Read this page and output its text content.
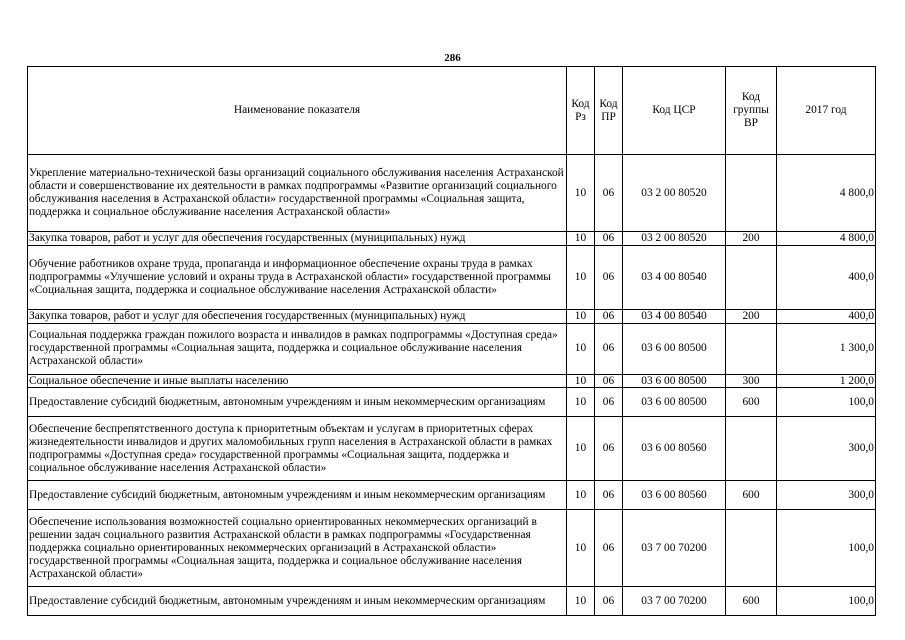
286
Наименование показателя	Код Рз	Код ПР	Код ЦСР	Код группы ВР	2017 год
Укрепление материально-технической базы организаций социального обслуживания населения Астраханской области и совершенствование их деятельности в рамках подпрограммы «Развитие организаций социального обслуживания населения в Астраханской области» государственной программы «Социальная защита, поддержка и социальное обслуживание населения Астраханской области»	10	06	03 2 00 80520		4 800,0
Закупка товаров, работ и услуг для обеспечения государственных (муниципальных) нужд	10	06	03 2 00 80520	200	4 800,0
Обучение работников охране труда, пропаганда и информационное обеспечение охраны труда в рамках подпрограммы «Улучшение условий и охраны труда в Астраханской области» государственной программы «Социальная защита, поддержка и социальное обслуживание населения Астраханской области»	10	06	03 4 00 80540		400,0
Закупка товаров, работ и услуг для обеспечения государственных (муниципальных) нужд	10	06	03 4 00 80540	200	400,0
Социальная поддержка граждан пожилого возраста и инвалидов в рамках подпрограммы «Доступная среда» государственной программы «Социальная защита, поддержка и социальное обслуживание населения Астраханской области»	10	06	03 6 00 80500		1 300,0
Социальное обеспечение и иные выплаты населению	10	06	03 6 00 80500	300	1 200,0
Предоставление субсидий бюджетным, автономным учреждениям и иным некоммерческим организациям	10	06	03 6 00 80500	600	100,0
Обеспечение беспрепятственного доступа к приоритетным объектам и услугам в приоритетных сферах жизнедеятельности инвалидов и других маломобильных групп населения в Астраханской области в рамках подпрограммы «Доступная среда» государственной программы «Социальная защита, поддержка и социальное обслуживание населения Астраханской области»	10	06	03 6 00 80560		300,0
Предоставление субсидий бюджетным, автономным учреждениям и иным некоммерческим организациям	10	06	03 6 00 80560	600	300,0
Обеспечение использования возможностей социально ориентированных некоммерческих организаций в решении задач социального развития Астраханской области в рамках подпрограммы «Государственная поддержка социально ориентированных некоммерческих организаций в Астраханской области» государственной программы «Социальная защита, поддержка и социальное обслуживание населения Астраханской области»	10	06	03 7 00 70200		100,0
Предоставление субсидий бюджетным, автономным учреждениям и иным некоммерческим организациям	10	06	03 7 00 70200	600	100,0
